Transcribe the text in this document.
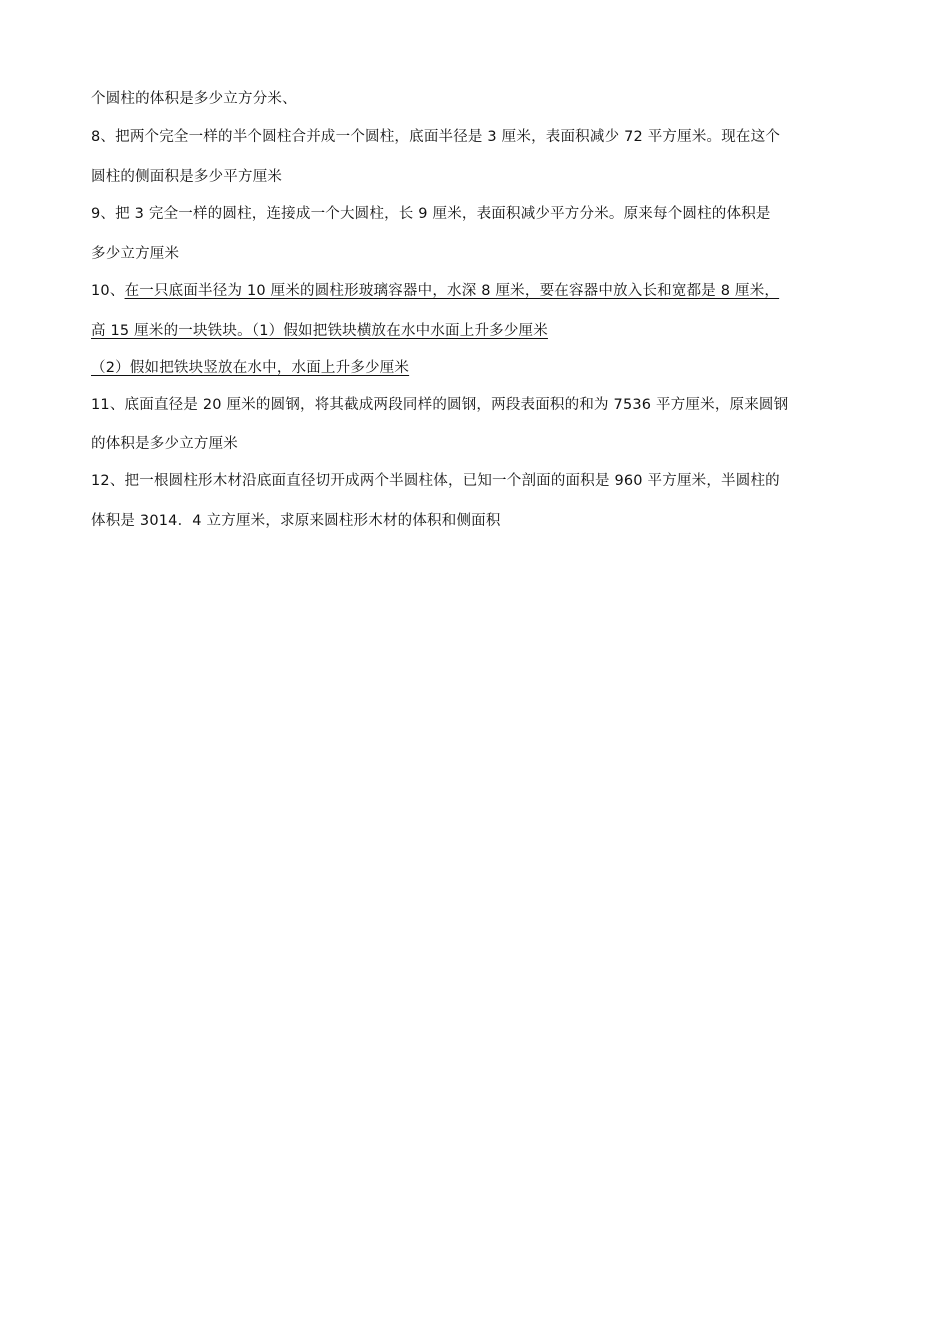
个圆柱的体积是多少立方分米、
8、把两个完全一样的半个圆柱合并成一个圆柱，底面半径是 3 厘米，表面积减少 72 平方厘米。现在这个
圆柱的侧面积是多少平方厘米
9、把 3 完全一样的圆柱，连接成一个大圆柱，长 9 厘米，表面积减少平方分米。原来每个圆柱的体积是
多少立方厘米
10、在一只底面半径为 10 厘米的圆柱形玻璃容器中，水深 8 厘米，要在容器中放入长和宽都是 8 厘米，
高 15 厘米的一块铁块。（1）假如把铁块横放在水中水面上升多少厘米
（2）假如把铁块竖放在水中，水面上升多少厘米
11、底面直径是 20 厘米的圆钢，将其截成两段同样的圆钢，两段表面积的和为 7536 平方厘米，原来圆钢
的体积是多少立方厘米
12、把一根圆柱形木材沿底面直径切开成两个半圆柱体，已知一个剖面的面积是 960 平方厘米，半圆柱的
体积是 3014．4 立方厘米，求原来圆柱形木材的体积和侧面积
